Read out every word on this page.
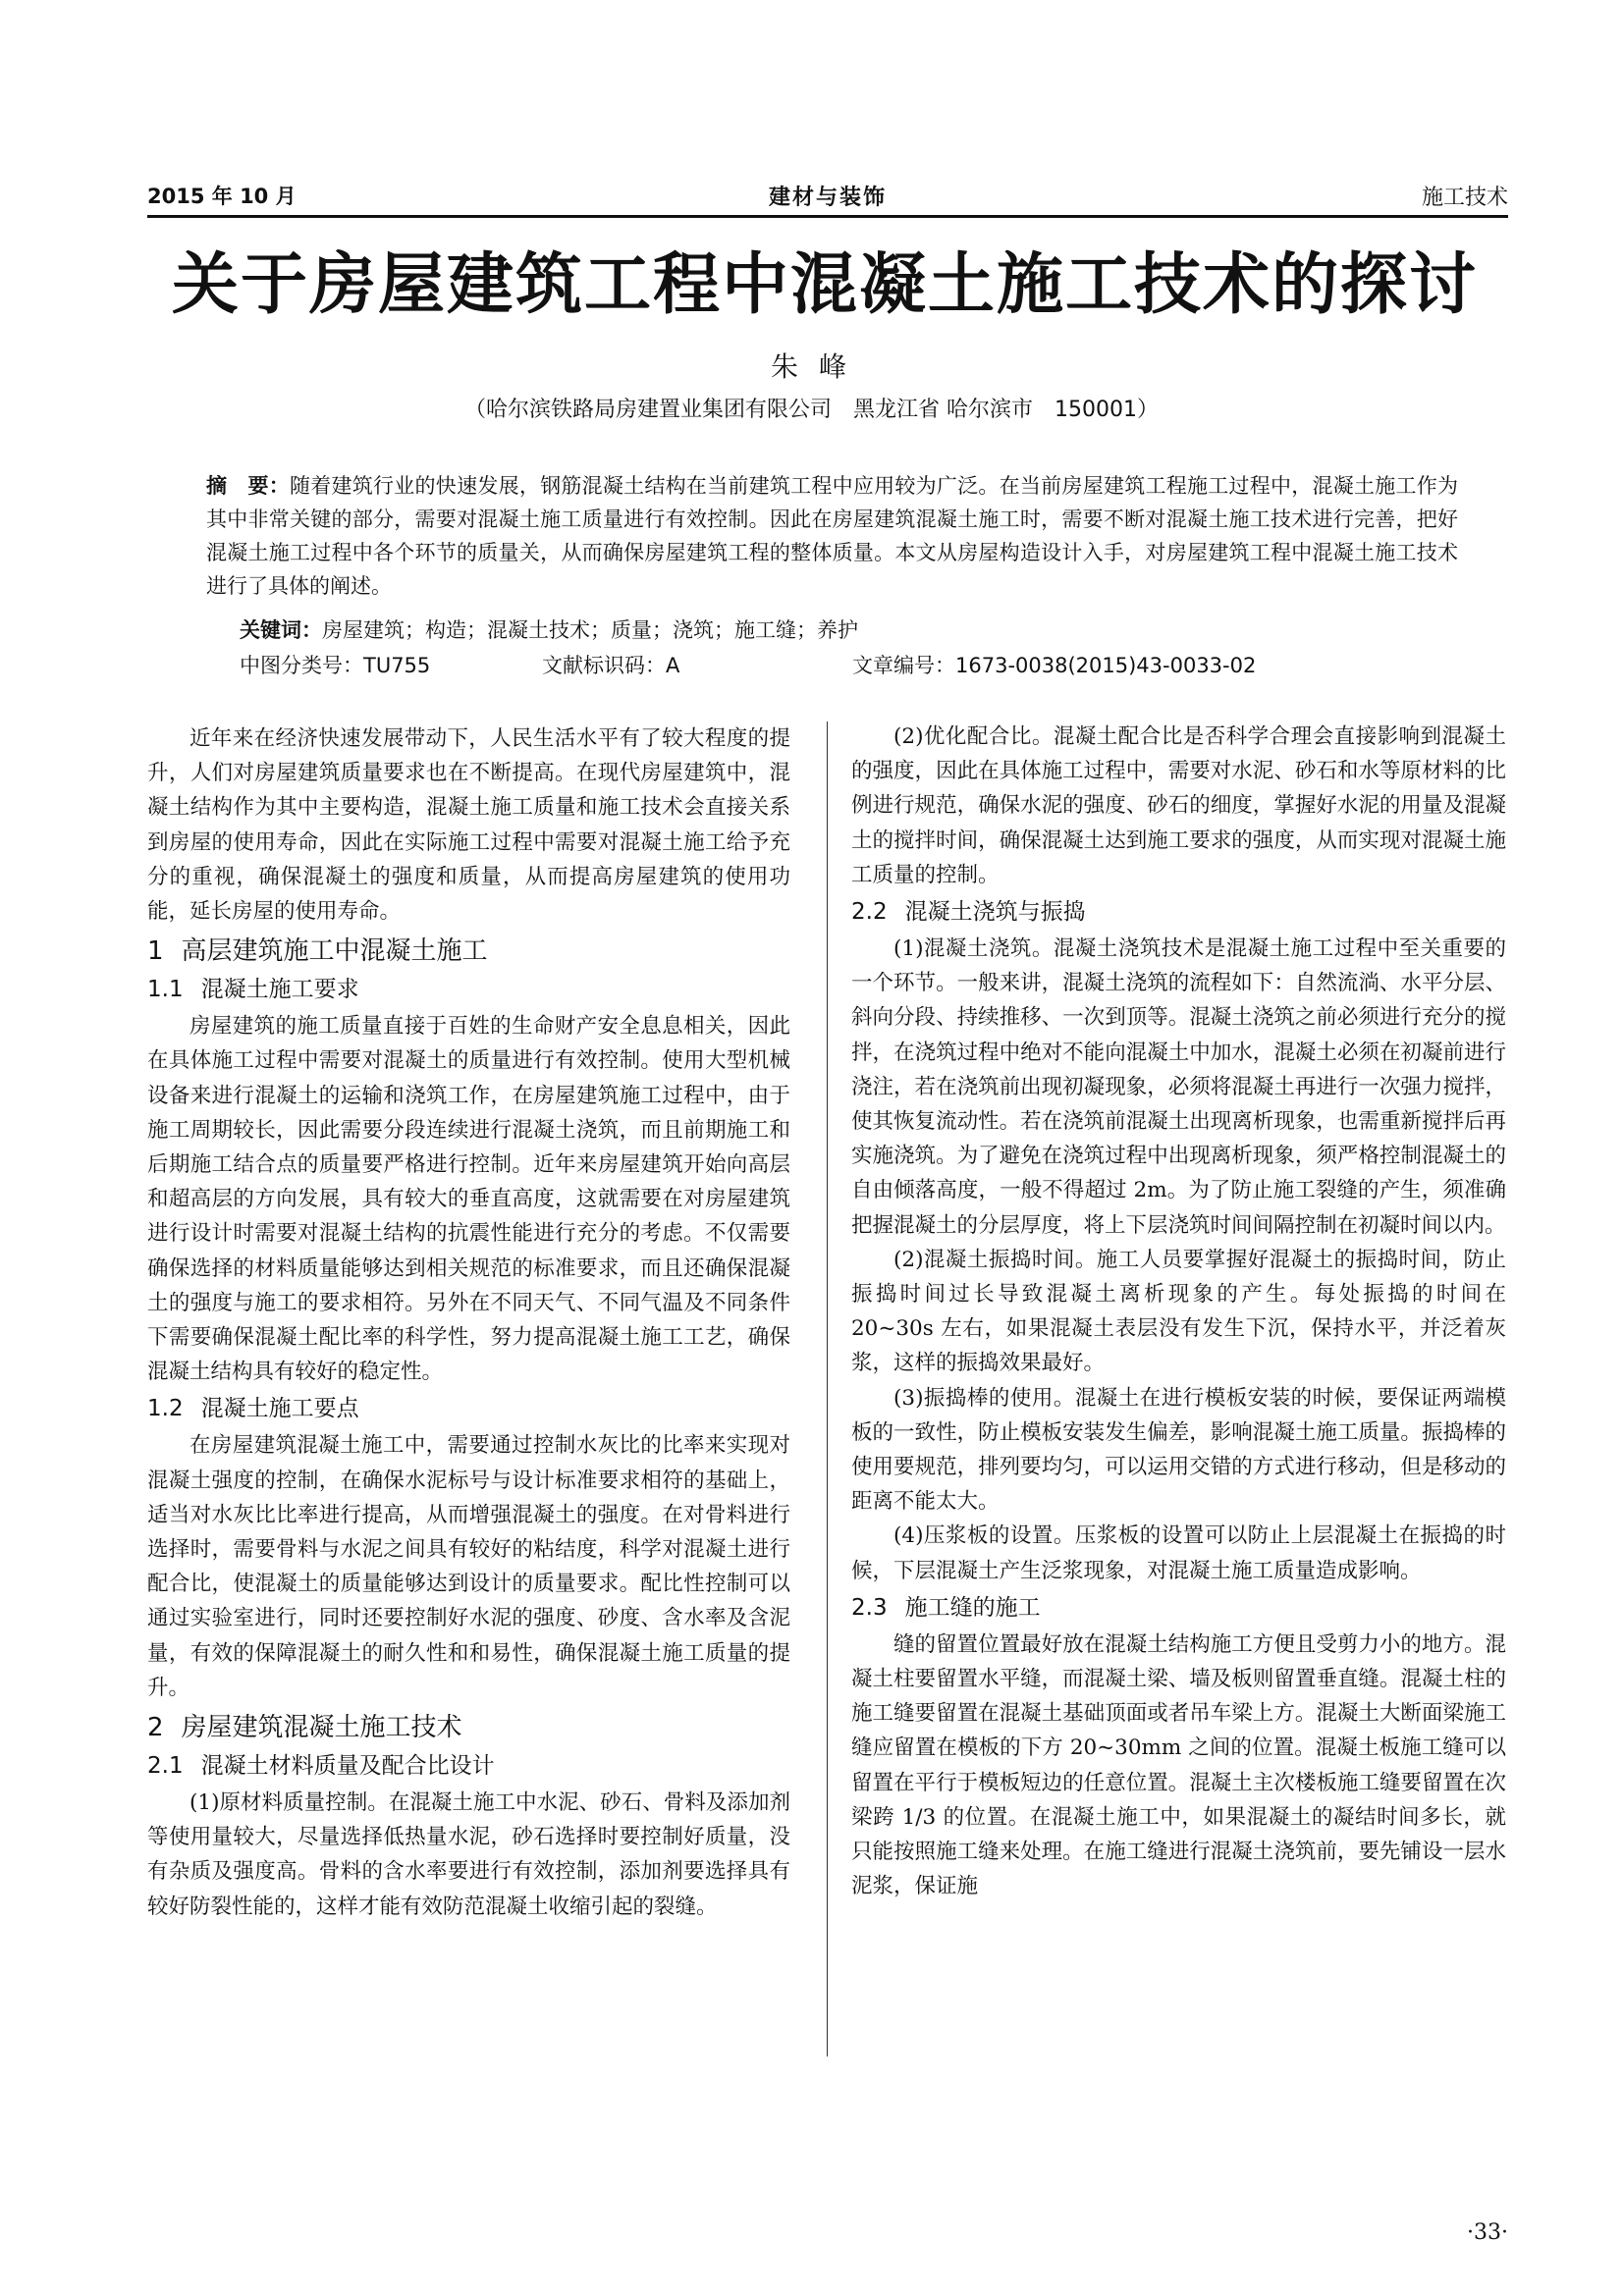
2015 年 10 月	建材与装饰	施工技术
关于房屋建筑工程中混凝土施工技术的探讨
朱 峰
（哈尔滨铁路局房建置业集团有限公司　黑龙江省 哈尔滨市　150001）
摘　要：随着建筑行业的快速发展，钢筋混凝土结构在当前建筑工程中应用较为广泛。在当前房屋建筑工程施工过程中，混凝土施工作为其中非常关键的部分，需要对混凝土施工质量进行有效控制。因此在房屋建筑混凝土施工时，需要不断对混凝土施工技术进行完善，把好混凝土施工过程中各个环节的质量关，从而确保房屋建筑工程的整体质量。本文从房屋构造设计入手，对房屋建筑工程中混凝土施工技术进行了具体的阐述。
关键词：房屋建筑；构造；混凝土技术；质量；浇筑；施工缝；养护
中图分类号：TU755	文献标识码：A	文章编号：1673-0038(2015)43-0033-02

近年来在经济快速发展带动下，人民生活水平有了较大程度的提升，人们对房屋建筑质量要求也在不断提高。在现代房屋建筑中，混凝土结构作为其中主要构造，混凝土施工质量和施工技术会直接关系到房屋的使用寿命，因此在实际施工过程中需要对混凝土施工给予充分的重视，确保混凝土的强度和质量，从而提高房屋建筑的使用功能，延长房屋的使用寿命。

1 高层建筑施工中混凝土施工
1.1 混凝土施工要求

房屋建筑的施工质量直接于百姓的生命财产安全息息相关，因此在具体施工过程中需要对混凝土的质量进行有效控制。使用大型机械设备来进行混凝土的运输和浇筑工作，在房屋建筑施工过程中，由于施工周期较长，因此需要分段连续进行混凝土浇筑，而且前期施工和后期施工结合点的质量要严格进行控制。近年来房屋建筑开始向高层和超高层的方向发展，具有较大的垂直高度，这就需要在对房屋建筑进行设计时需要对混凝土结构的抗震性能进行充分的考虑。不仅需要确保选择的材料质量能够达到相关规范的标准要求，而且还确保混凝土的强度与施工的要求相符。另外在不同天气、不同气温及不同条件下需要确保混凝土配比率的科学性，努力提高混凝土施工工艺，确保混凝土结构具有较好的稳定性。

1.2 混凝土施工要点

在房屋建筑混凝土施工中，需要通过控制水灰比的比率来实现对混凝土强度的控制，在确保水泥标号与设计标准要求相符的基础上，适当对水灰比比率进行提高，从而增强混凝土的强度。在对骨料进行选择时，需要骨料与水泥之间具有较好的粘结度，科学对混凝土进行配合比，使混凝土的质量能够达到设计的质量要求。配比性控制可以通过实验室进行，同时还要控制好水泥的强度、砂度、含水率及含泥量，有效的保障混凝土的耐久性和和易性，确保混凝土施工质量的提升。

2 房屋建筑混凝土施工技术
2.1 混凝土材料质量及配合比设计

(1)原材料质量控制。在混凝土施工中水泥、砂石、骨料及添加剂等使用量较大，尽量选择低热量水泥，砂石选择时要控制好质量，没有杂质及强度高。骨料的含水率要进行有效控制，添加剂要选择具有较好防裂性能的，这样才能有效防范混凝土收缩引起的裂缝。

(2)优化配合比。混凝土配合比是否科学合理会直接影响到混凝土的强度，因此在具体施工过程中，需要对水泥、砂石和水等原材料的比例进行规范，确保水泥的强度、砂石的细度，掌握好水泥的用量及混凝土的搅拌时间，确保混凝土达到施工要求的强度，从而实现对混凝土施工质量的控制。

2.2 混凝土浇筑与振捣

(1)混凝土浇筑。混凝土浇筑技术是混凝土施工过程中至关重要的一个环节。一般来讲，混凝土浇筑的流程如下：自然流淌、水平分层、斜向分段、持续推移、一次到顶等。混凝土浇筑之前必须进行充分的搅拌，在浇筑过程中绝对不能向混凝土中加水，混凝土必须在初凝前进行浇注，若在浇筑前出现初凝现象，必须将混凝土再进行一次强力搅拌，使其恢复流动性。若在浇筑前混凝土出现离析现象，也需重新搅拌后再实施浇筑。为了避免在浇筑过程中出现离析现象，须严格控制混凝土的自由倾落高度，一般不得超过 2m。为了防止施工裂缝的产生，须准确把握混凝土的分层厚度，将上下层浇筑时间间隔控制在初凝时间以内。

(2)混凝土振捣时间。施工人员要掌握好混凝土的振捣时间，防止振捣时间过长导致混凝土离析现象的产生。每处振捣的时间在 20~30s 左右，如果混凝土表层没有发生下沉，保持水平，并泛着灰浆，这样的振捣效果最好。

(3)振捣棒的使用。混凝土在进行模板安装的时候，要保证两端模板的一致性，防止模板安装发生偏差，影响混凝土施工质量。振捣棒的使用要规范，排列要均匀，可以运用交错的方式进行移动，但是移动的距离不能太大。

(4)压浆板的设置。压浆板的设置可以防止上层混凝土在振捣的时候，下层混凝土产生泛浆现象，对混凝土施工质量造成影响。

2.3 施工缝的施工

缝的留置位置最好放在混凝土结构施工方便且受剪力小的地方。混凝土柱要留置水平缝，而混凝土梁、墙及板则留置垂直缝。混凝土柱的施工缝要留置在混凝土基础顶面或者吊车梁上方。混凝土大断面梁施工缝应留置在模板的下方 20~30mm 之间的位置。混凝土板施工缝可以留置在平行于模板短边的任意位置。混凝土主次楼板施工缝要留置在次梁跨 1/3 的位置。在混凝土施工中，如果混凝土的凝结时间多长，就只能按照施工缝来处理。在施工缝进行混凝土浇筑前，要先铺设一层水泥浆，保证施

·33·
